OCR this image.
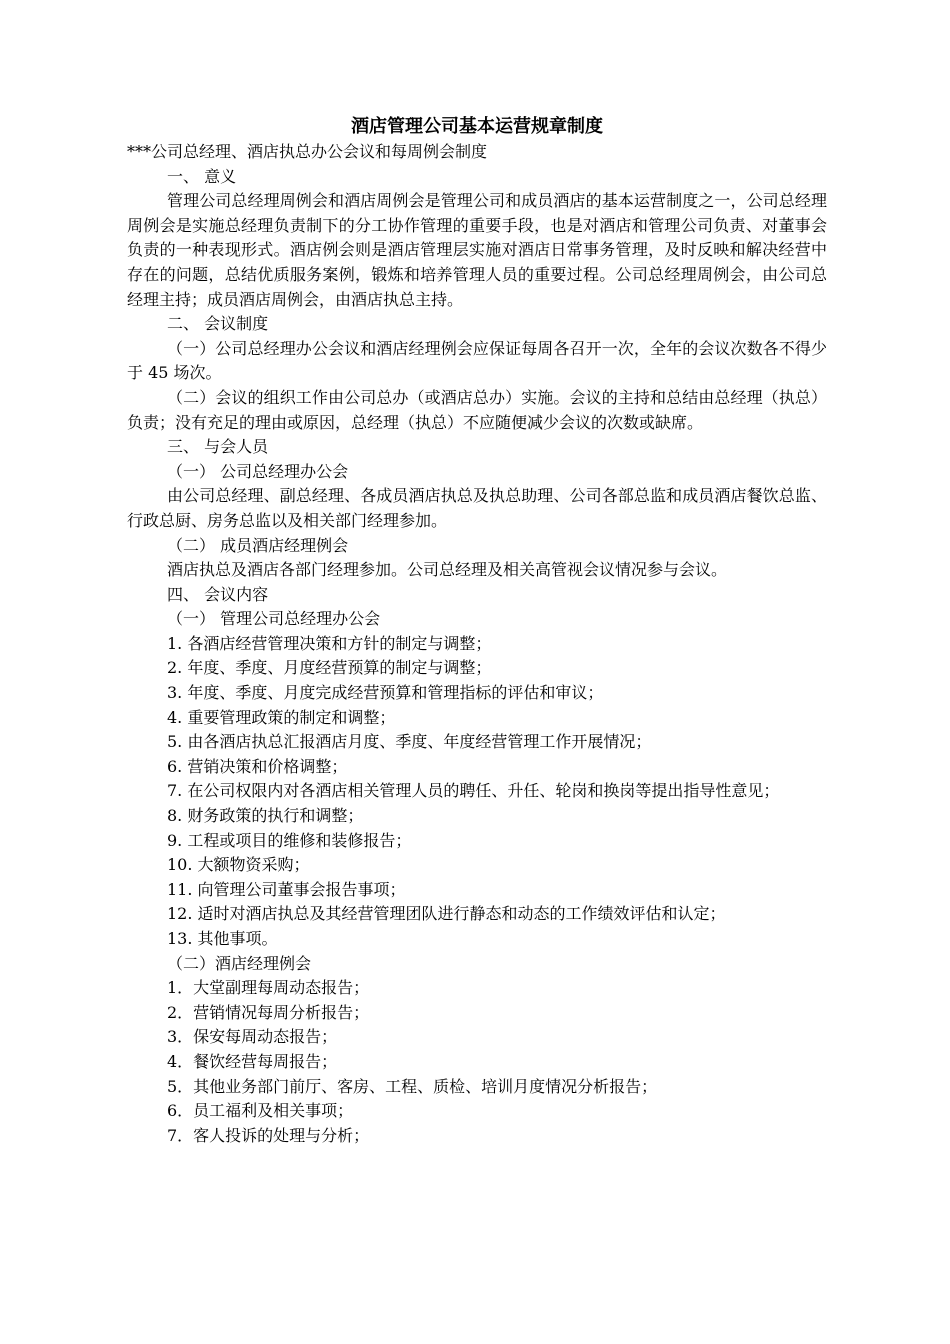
酒店管理公司基本运营规章制度
***公司总经理、酒店执总办公会议和每周例会制度
一、 意义
管理公司总经理周例会和酒店周例会是管理公司和成员酒店的基本运营制度之一，公司总经理周例会是实施总经理负责制下的分工协作管理的重要手段，也是对酒店和管理公司负责、对董事会负责的一种表现形式。酒店例会则是酒店管理层实施对酒店日常事务管理，及时反映和解决经营中存在的问题，总结优质服务案例，锻炼和培养管理人员的重要过程。公司总经理周例会，由公司总经理主持；成员酒店周例会，由酒店执总主持。
二、 会议制度
（一）公司总经理办公会议和酒店经理例会应保证每周各召开一次，全年的会议次数各不得少于 45 场次。
（二）会议的组织工作由公司总办（或酒店总办）实施。会议的主持和总结由总经理（执总）负责；没有充足的理由或原因，总经理（执总）不应随便减少会议的次数或缺席。
三、 与会人员
（一） 公司总经理办公会
由公司总经理、副总经理、各成员酒店执总及执总助理、公司各部总监和成员酒店餐饮总监、行政总厨、房务总监以及相关部门经理参加。
（二） 成员酒店经理例会
酒店执总及酒店各部门经理参加。公司总经理及相关高管视会议情况参与会议。
四、 会议内容
（一） 管理公司总经理办公会
1. 各酒店经营管理决策和方针的制定与调整；
2. 年度、季度、月度经营预算的制定与调整；
3. 年度、季度、月度完成经营预算和管理指标的评估和审议；
4. 重要管理政策的制定和调整；
5. 由各酒店执总汇报酒店月度、季度、年度经营管理工作开展情况；
6. 营销决策和价格调整；
7. 在公司权限内对各酒店相关管理人员的聘任、升任、轮岗和换岗等提出指导性意见；
8. 财务政策的执行和调整；
9. 工程或项目的维修和装修报告；
10. 大额物资采购；
11. 向管理公司董事会报告事项；
12. 适时对酒店执总及其经营管理团队进行静态和动态的工作绩效评估和认定；
13. 其他事项。
（二）酒店经理例会
1．大堂副理每周动态报告；
2．营销情况每周分析报告；
3．保安每周动态报告；
4．餐饮经营每周报告；
5．其他业务部门前厅、客房、工程、质检、培训月度情况分析报告；
6．员工福利及相关事项；
7．客人投诉的处理与分析；
